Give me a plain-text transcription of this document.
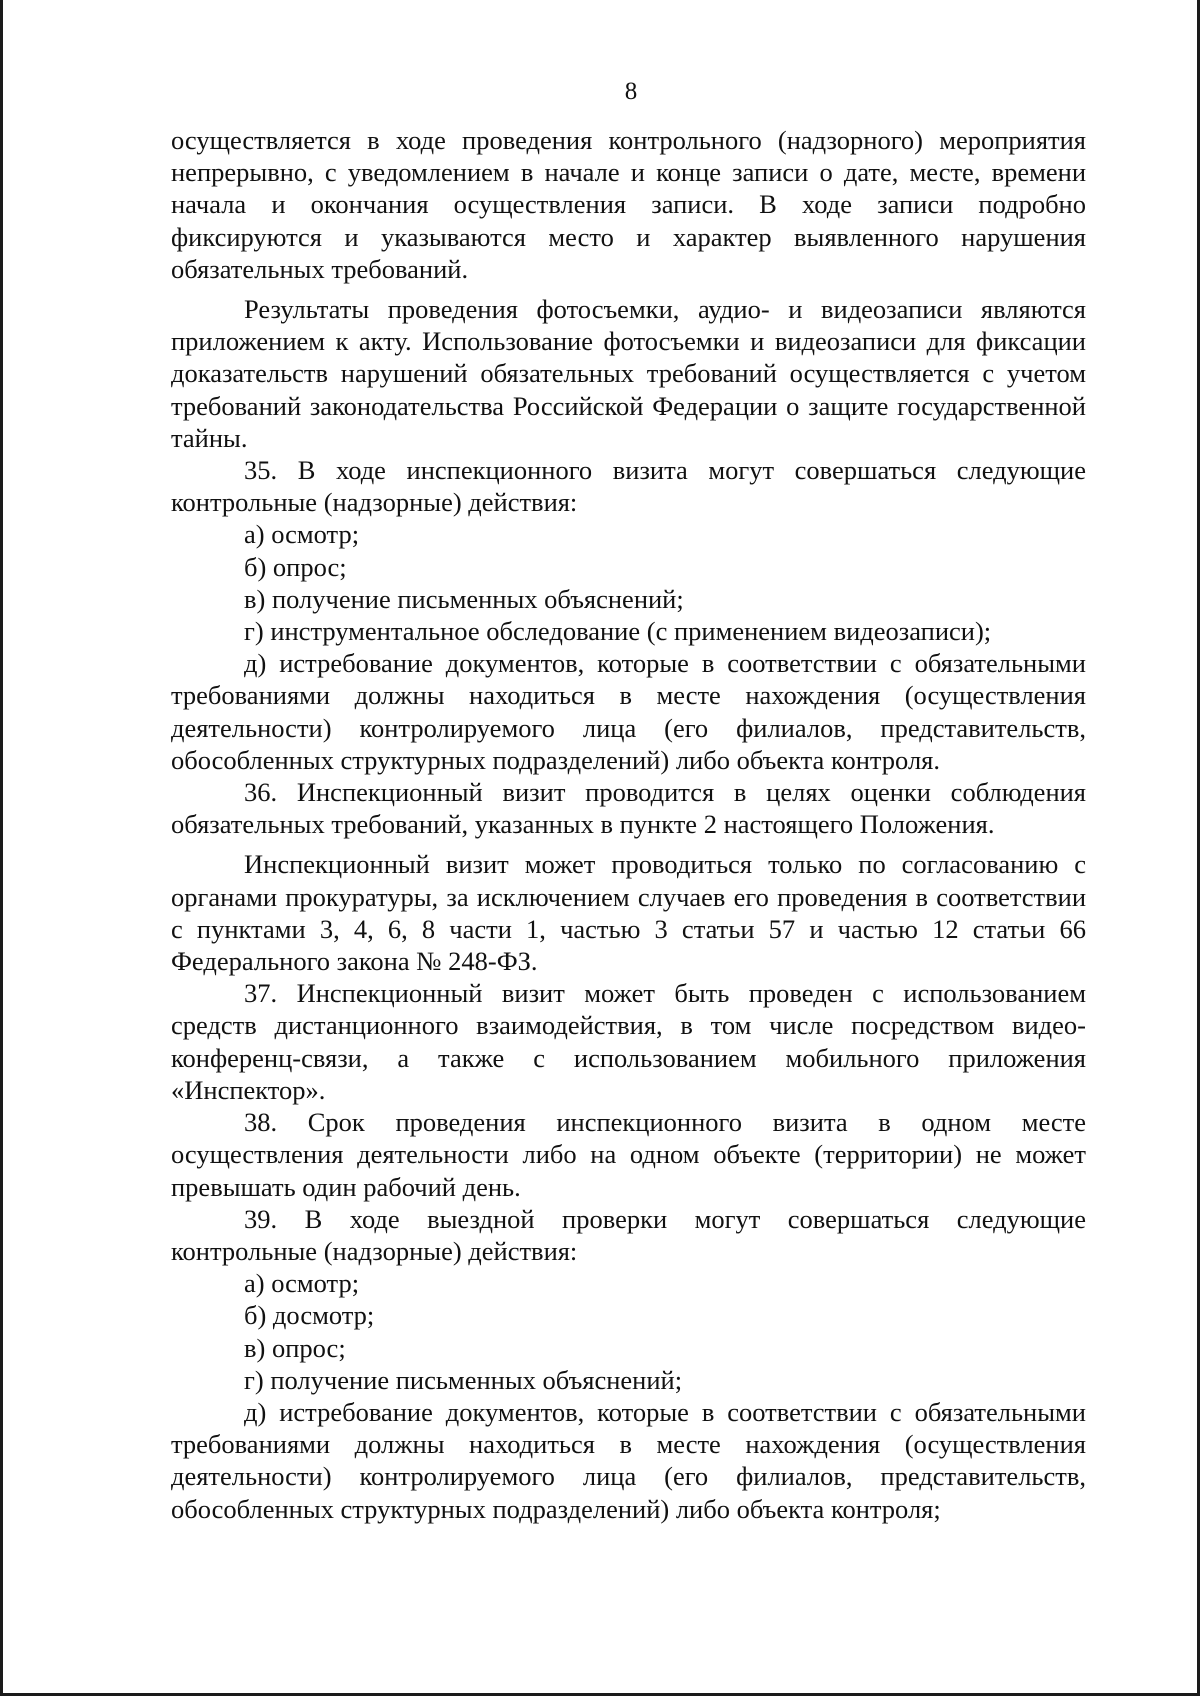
8

осуществляется в ходе проведения контрольного (надзорного) мероприятия непрерывно, с уведомлением в начале и конце записи о дате, месте, времени начала и окончания осуществления записи. В ходе записи подробно фиксируются и указываются место и характер выявленного нарушения обязательных требований.

Результаты проведения фотосъемки, аудио- и видеозаписи являются приложением к акту. Использование фотосъемки и видеозаписи для фиксации доказательств нарушений обязательных требований осуществляется с учетом требований законодательства Российской Федерации о защите государственной тайны.

35. В ходе инспекционного визита могут совершаться следующие контрольные (надзорные) действия:

а) осмотр;

б) опрос;

в) получение письменных объяснений;

г) инструментальное обследование (с применением видеозаписи);

д) истребование документов, которые в соответствии с обязательными требованиями должны находиться в месте нахождения (осуществления деятельности) контролируемого лица (его филиалов, представительств, обособленных структурных подразделений) либо объекта контроля.

36. Инспекционный визит проводится в целях оценки соблюдения обязательных требований, указанных в пункте 2 настоящего Положения.

Инспекционный визит может проводиться только по согласованию с органами прокуратуры, за исключением случаев его проведения в соответствии с пунктами 3, 4, 6, 8 части 1, частью 3 статьи 57 и частью 12 статьи 66 Федерального закона № 248-ФЗ.

37. Инспекционный визит может быть проведен с использованием средств дистанционного взаимодействия, в том числе посредством видео-конференц-связи, а также с использованием мобильного приложения «Инспектор».

38. Срок проведения инспекционного визита в одном месте осуществления деятельности либо на одном объекте (территории) не может превышать один рабочий день.

39. В ходе выездной проверки могут совершаться следующие контрольные (надзорные) действия:

а) осмотр;

б) досмотр;

в) опрос;

г) получение письменных объяснений;

д) истребование документов, которые в соответствии с обязательными требованиями должны находиться в месте нахождения (осуществления деятельности) контролируемого лица (его филиалов, представительств, обособленных структурных подразделений) либо объекта контроля;
